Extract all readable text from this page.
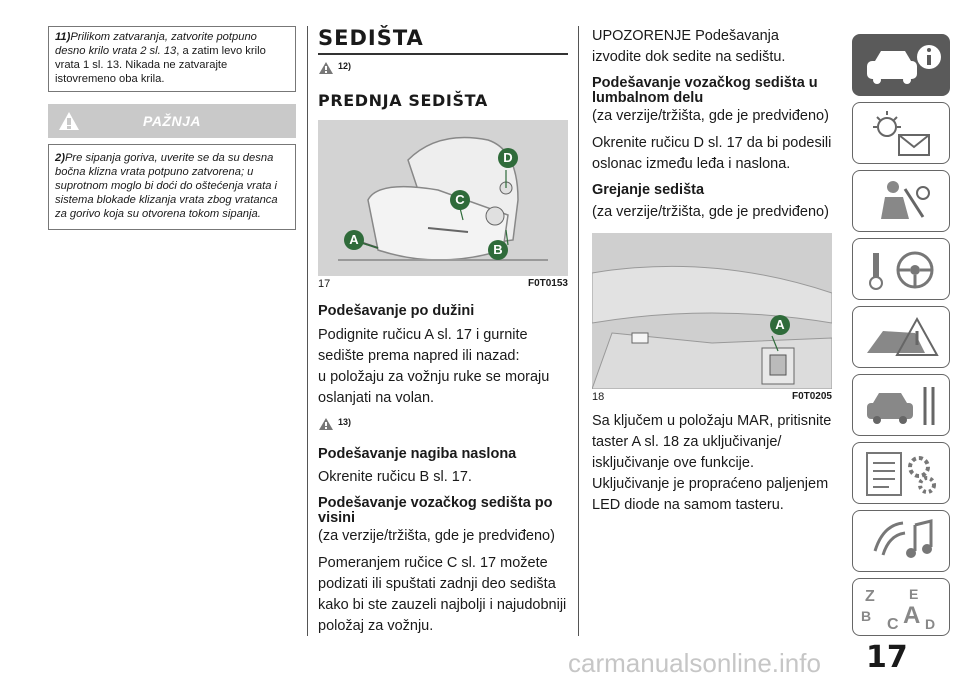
11)Prilikom zatvaranja, zatvorite potpuno desno krilo vrata 2 sl. 13, a zatim levo krilo vrata 1 sl. 13. Nikada ne zatvarajte istovremeno oba krila.
PAŽNJA
2)Pre sipanja goriva, uverite se da su desna bočna klizna vrata potpuno zatvorena; u suprotnom moglo bi doći do oštećenja vrata i sistema blokade klizanja vrata zbog vratanca za gorivo koja su otvorena tokom sipanja.
SEDIŠTA
$^{12)}$
PREDNJA SEDIŠTA
D
C
A
B
17	F0T0153
Podešavanje po dužini
Podignite ručicu A sl. 17 i gurnite sedište prema napred ili nazad:
u položaju za vožnju ruke se moraju oslanjati na volan.
$^{13)}$
Podešavanje nagiba naslona
Okrenite ručicu B sl. 17.
Podešavanje vozačkog sedišta po visini
(za verzije/tržišta, gde je predviđeno)
Pomeranjem ručice C sl. 17 možete podizati ili spuštati zadnji deo sedišta kako bi ste zauzeli najbolji i najudobniji položaj za vožnju.
UPOZORENJE Podešavanja izvodite dok sedite na sedištu.
Podešavanje vozačkog sedišta u lumbalnom delu
(za verzije/tržišta, gde je predviđeno)
Okrenite ručicu D sl. 17 da bi podesili oslonac između leđa i naslona.
Grejanje sedišta
(za verzije/tržišta, gde je predviđeno)
A
18	F0T0205
Sa ključem u položaju MAR, pritisnite taster A sl. 18 za uključivanje/ isključivanje ove funkcije.
Uključivanje je propraćeno paljenjem LED diode na samom tasteru.
Z E
B C A D
17
carmanualsonline.info
